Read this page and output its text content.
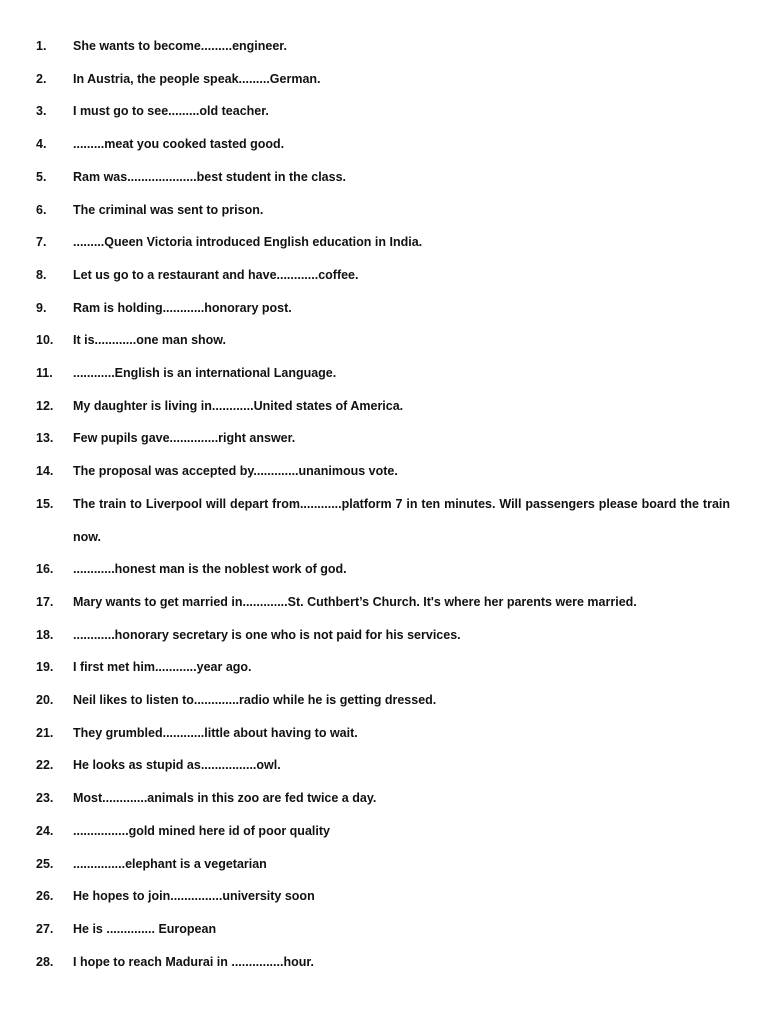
1.	She wants to become.........engineer.
2.	In Austria, the people speak.........German.
3.	I must go to see.........old teacher.
4.	.........meat you cooked tasted good.
5.	Ram was....................best student in the class.
6.	The criminal was sent to prison.
7.	.........Queen Victoria introduced English education in India.
8.	Let us go to a restaurant and have............coffee.
9.	Ram is holding............honorary post.
10.	It is............one man show.
11.	............English is an international Language.
12.	My daughter is living in............United states of America.
13.	Few pupils gave..............right answer.
14.	The proposal was accepted by.............unanimous vote.
15.	The train to Liverpool will depart from............platform 7 in ten minutes. Will passengers please board the train now.
16.	............honest man is the noblest work of god.
17.	Mary wants to get married in.............St. Cuthbert’s Church. It's where her parents were married.
18.	............honorary secretary is one who is not paid for his services.
19.	I first met him............year ago.
20.	Neil likes to listen to.............radio while he is getting dressed.
21.	They grumbled............little about having to wait.
22.	He looks as stupid as................owl.
23.	Most.............animals in this zoo are fed twice a day.
24.	................gold mined here id of poor quality
25.	...............elephant is a vegetarian
26.	He hopes to join...............university soon
27.	He is .............. European
28.	I hope to reach Madurai in ...............hour.
